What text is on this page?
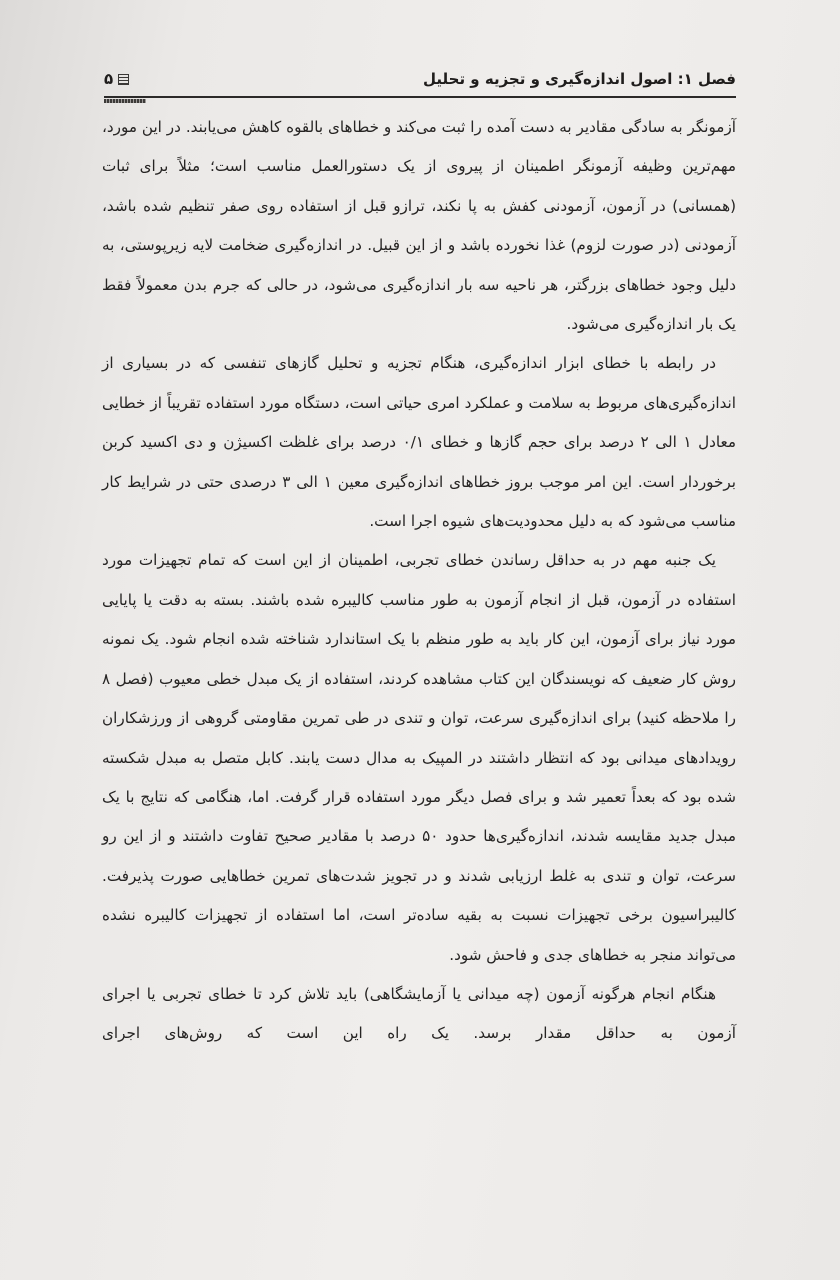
فصل ۱: اصول اندازه‌گیری و تجزیه و تحلیل
۵

آزمونگر به سادگی مقادیر به دست آمده را ثبت می‌کند و خطاهای بالقوه کاهش می‌یابند. در این مورد، مهم‌ترین وظیفه آزمونگر اطمینان از پیروی از یک دستورالعمل مناسب است؛ مثلاً برای ثبات (همسانی) در آزمون، آزمودنی کفش به پا نکند، ترازو قبل از استفاده روی صفر تنظیم شده باشد، آزمودنی (در صورت لزوم) غذا نخورده باشد و از این قبیل. در اندازه‌گیری ضخامت لایه زیرپوستی، به دلیل وجود خطاهای بزرگتر، هر ناحیه سه بار اندازه‌گیری می‌شود، در حالی که جرم بدن معمولاً فقط یک بار اندازه‌گیری می‌شود.

در رابطه با خطای ابزار اندازه‌گیری، هنگام تجزیه و تحلیل گازهای تنفسی که در بسیاری از اندازه‌گیری‌های مربوط به سلامت و عملکرد امری حیاتی است، دستگاه مورد استفاده تقریباً از خطایی معادل ۱ الی ۲ درصد برای حجم گازها و خطای ۰/۱ درصد برای غلظت اکسیژن و دی اکسید کربن برخوردار است. این امر موجب بروز خطاهای اندازه‌گیری معین ۱ الی ۳ درصدی حتی در شرایط کار مناسب می‌شود که به دلیل محدودیت‌های شیوه اجرا است.

یک جنبه مهم در به حداقل رساندن خطای تجربی، اطمینان از این است که تمام تجهیزات مورد استفاده در آزمون، قبل از انجام آزمون به طور مناسب کالیبره شده باشند. بسته به دقت یا پایایی مورد نیاز برای آزمون، این کار باید به طور منظم با یک استاندارد شناخته شده انجام شود. یک نمونه روش کار ضعیف که نویسندگان این کتاب مشاهده کردند، استفاده از یک مبدل خطی معیوب (فصل ۸ را ملاحظه کنید) برای اندازه‌گیری سرعت، توان و تندی در طی تمرین مقاومتی گروهی از ورزشکاران رویدادهای میدانی بود که انتظار داشتند در المپیک به مدال دست یابند. کابل متصل به مبدل شکسته شده بود که بعداً تعمیر شد و برای فصل دیگر مورد استفاده قرار گرفت. اما، هنگامی که نتایج با یک مبدل جدید مقایسه شدند، اندازه‌گیری‌ها حدود ۵۰ درصد با مقادیر صحیح تفاوت داشتند و از این رو سرعت، توان و تندی به غلط ارزیابی شدند و در تجویز شدت‌های تمرین خطاهایی صورت پذیرفت. کالیبراسیون برخی تجهیزات نسبت به بقیه ساده‌تر است، اما استفاده از تجهیزات کالیبره نشده می‌تواند منجر به خطاهای جدی و فاحش شود.

هنگام انجام هرگونه آزمون (چه میدانی یا آزمایشگاهی) باید تلاش کرد تا خطای تجربی یا اجرای آزمون به حداقل مقدار برسد. یک راه این است که روش‌های اجرای
